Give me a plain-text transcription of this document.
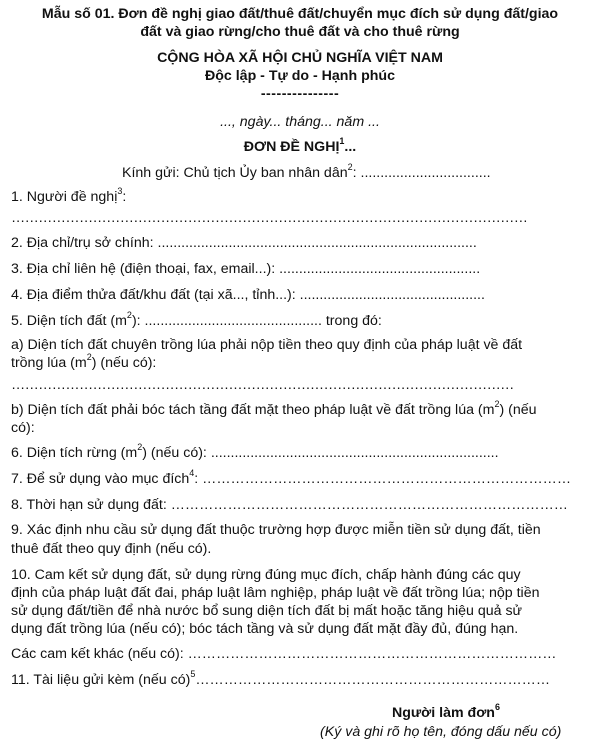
Mẫu số 01. Đơn đề nghị giao đất/thuê đất/chuyển mục đích sử dụng đất/giao
đất và giao rừng/cho thuê đất và cho thuê rừng
CỘNG HÒA XÃ HỘI CHỦ NGHĨA VIỆT NAM
Độc lập - Tự do - Hạnh phúc
---------------
..., ngày... tháng... năm ...
ĐƠN ĐỀ NGHỊ$^1$...
Kính gửi: Chủ tịch Ủy ban nhân dân$^2$: .................................
1. Người đề nghị$^3$:
……………………………………………………………………………………………………
2. Địa chỉ/trụ sở chính: .................................................................................
3. Địa chỉ liên hệ (điện thoại, fax, email...): ...................................................
4. Địa điểm thửa đất/khu đất (tại xã..., tỉnh...): ...............................................
5. Diện tích đất $(m^2)$: ............................................. trong đó:
a) Diện tích đất chuyên trồng lúa phải nộp tiền theo quy định của pháp luật về đất
trồng lúa $(m^2)$ (nếu có):
…………………………………………………………………………………………………
b) Diện tích đất phải bóc tách tầng đất mặt theo pháp luật về đất trồng lúa $(m^2)$ (nếu
có):
6. Diện tích rừng $(m^2)$ (nếu có): .........................................................................
7. Để sử dụng vào mục đích$^4$: ……………………………………………………………………
8. Thời hạn sử dụng đất: …………………………………………………………………………
9. Xác định nhu cầu sử dụng đất thuộc trường hợp được miễn tiền sử dụng đất, tiền
thuê đất theo quy định (nếu có).
10. Cam kết sử dụng đất, sử dụng rừng đúng mục đích, chấp hành đúng các quy
định của pháp luật đất đai, pháp luật lâm nghiệp, pháp luật về đất trồng lúa; nộp tiền
sử dụng đất/tiền để nhà nước bổ sung diện tích đất bị mất hoặc tăng hiệu quả sử
dụng đất trồng lúa (nếu có); bóc tách tầng và sử dụng đất mặt đầy đủ, đúng hạn.
Các cam kết khác (nếu có): ……………………………………………………………………
11. Tài liệu gửi kèm (nếu có)$^5$…………………………………………………………………
Người làm đơn$^6$
(Ký và ghi rõ họ tên, đóng dấu nếu có)
